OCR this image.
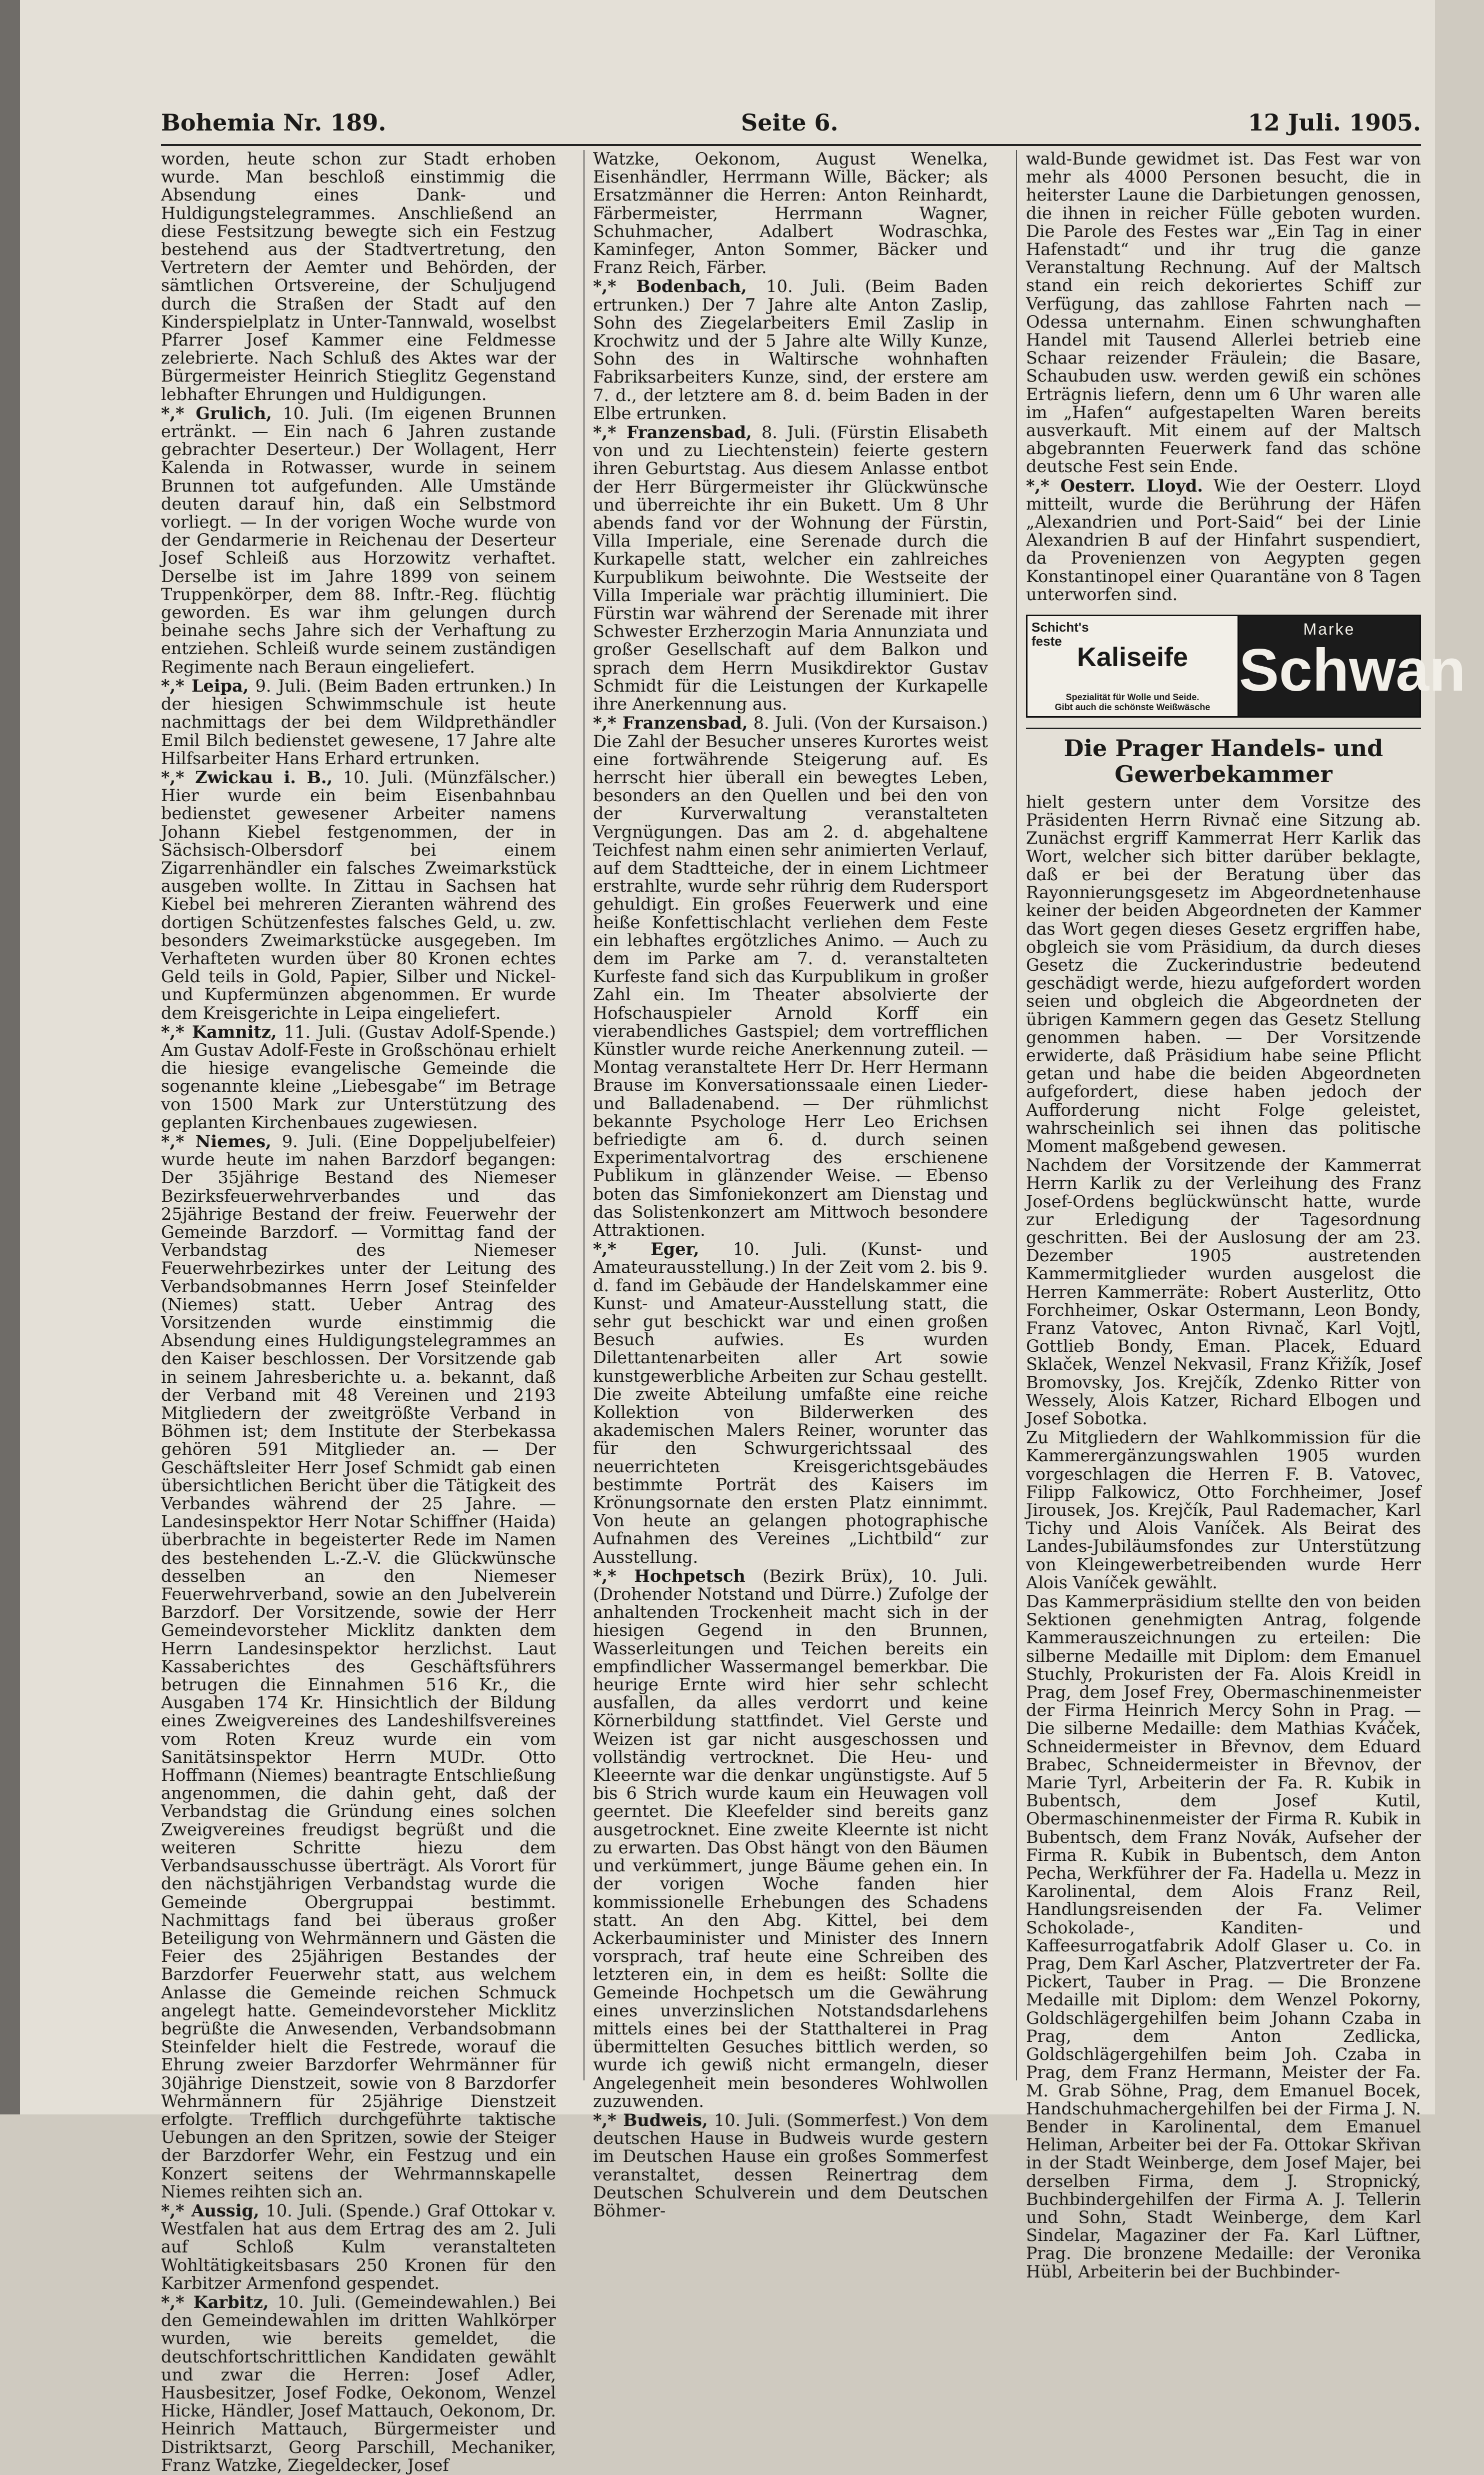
Bohemia Nr. 189.	Seite 6.	12 Juli. 1905.

worden, heute schon zur Stadt erhoben wurde. Man beschloß einstimmig die Absendung eines Dank- und Huldigungstelegrammes. Anschließend an diese Festsitzung bewegte sich ein Festzug bestehend aus der Stadtvertretung, den Vertretern der Aemter und Behörden, der sämtlichen Ortsvereine, der Schuljugend durch die Straßen der Stadt auf den Kinderspielplatz in Unter-Tannwald, woselbst Pfarrer Josef Kammer eine Feldmesse zelebrierte. Nach Schluß des Aktes war der Bürgermeister Heinrich Stieglitz Gegenstand lebhafter Ehrungen und Huldigungen.

*,* Grulich, 10. Juli. (Im eigenen Brunnen ertränkt. — Ein nach 6 Jahren zustande gebrachter Deserteur.) Der Wollagent, Herr Kalenda in Rotwasser, wurde in seinem Brunnen tot aufgefunden. Alle Umstände deuten darauf hin, daß ein Selbstmord vorliegt. — In der vorigen Woche wurde von der Gendarmerie in Reichenau der Deserteur Josef Schleiß aus Horzowitz verhaftet. Derselbe ist im Jahre 1899 von seinem Truppenkörper, dem 88. Inftr.-Reg. flüchtig geworden. Es war ihm gelungen durch beinahe sechs Jahre sich der Verhaftung zu entziehen. Schleiß wurde seinem zuständigen Regimente nach Beraun eingeliefert.

*,* Leipa, 9. Juli. (Beim Baden ertrunken.) In der hiesigen Schwimmschule ist heute nachmittags der bei dem Wildprethändler Emil Bilch bedienstet gewesene, 17 Jahre alte Hilfsarbeiter Hans Erhard ertrunken.

*,* Zwickau i. B., 10. Juli. (Münzfälscher.) Hier wurde ein beim Eisenbahnbau bedienstet gewesener Arbeiter namens Johann Kiebel festgenommen, der in Sächsisch-Olbersdorf bei einem Zigarrenhändler ein falsches Zweimarkstück ausgeben wollte. In Zittau in Sachsen hat Kiebel bei mehreren Zieranten während des dortigen Schützenfestes falsches Geld, u. zw. besonders Zweimarkstücke ausgegeben. Im Verhafteten wurden über 80 Kronen echtes Geld teils in Gold, Papier, Silber und Nickel- und Kupfermünzen abgenommen. Er wurde dem Kreisgerichte in Leipa eingeliefert.

*,* Kamnitz, 11. Juli. (Gustav Adolf-Spende.) Am Gustav Adolf-Feste in Großschönau erhielt die hiesige evangelische Gemeinde die sogenannte kleine „Liebesgabe“ im Betrage von 1500 Mark zur Unterstützung des geplanten Kirchenbaues zugewiesen.

*,* Niemes, 9. Juli. (Eine Doppeljubelfeier) wurde heute im nahen Barzdorf begangen: Der 35jährige Bestand des Niemeser Bezirksfeuerwehrverbandes und das 25jährige Bestand der freiw. Feuerwehr der Gemeinde Barzdorf. — Vormittag fand der Verbandstag des Niemeser Feuerwehrbezirkes unter der Leitung des Verbandsobmannes Herrn Josef Steinfelder (Niemes) statt. Ueber Antrag des Vorsitzenden wurde einstimmig die Absendung eines Huldigungstelegrammes an den Kaiser beschlossen. Der Vorsitzende gab in seinem Jahresberichte u. a. bekannt, daß der Verband mit 48 Vereinen und 2193 Mitgliedern der zweitgrößte Verband in Böhmen ist; dem Institute der Sterbekassa gehören 591 Mitglieder an. — Der Geschäftsleiter Herr Josef Schmidt gab einen übersichtlichen Bericht über die Tätigkeit des Verbandes während der 25 Jahre. — Landesinspektor Herr Notar Schiffner (Haida) überbrachte in begeisterter Rede im Namen des bestehenden L.-Z.-V. die Glückwünsche desselben an den Niemeser Feuerwehrverband, sowie an den Jubelverein Barzdorf. Der Vorsitzende, sowie der Herr Gemeindevorsteher Micklitz dankten dem Herrn Landesinspektor herzlichst. Laut Kassaberichtes des Geschäftsführers betrugen die Einnahmen 516 Kr., die Ausgaben 174 Kr. Hinsichtlich der Bildung eines Zweigvereines des Landeshilfsvereines vom Roten Kreuz wurde ein vom Sanitätsinspektor Herrn MUDr. Otto Hoffmann (Niemes) beantragte Entschließung angenommen, die dahin geht, daß der Verbandstag die Gründung eines solchen Zweigvereines freudigst begrüßt und die weiteren Schritte hiezu dem Verbandsausschusse überträgt. Als Vorort für den nächstjährigen Verbandstag wurde die Gemeinde Obergruppai bestimmt. Nachmittags fand bei überaus großer Beteiligung von Wehrmännern und Gästen die Feier des 25jährigen Bestandes der Barzdorfer Feuerwehr statt, aus welchem Anlasse die Gemeinde reichen Schmuck angelegt hatte. Gemeindevorsteher Micklitz begrüßte die Anwesenden, Verbandsobmann Steinfelder hielt die Festrede, worauf die Ehrung zweier Barzdorfer Wehrmänner für 30jährige Dienstzeit, sowie von 8 Barzdorfer Wehrmännern für 25jährige Dienstzeit erfolgte. Trefflich durchgeführte taktische Uebungen an den Spritzen, sowie der Steiger der Barzdorfer Wehr, ein Festzug und ein Konzert seitens der Wehrmannskapelle Niemes reihten sich an.

*,* Aussig, 10. Juli. (Spende.) Graf Ottokar v. Westfalen hat aus dem Ertrag des am 2. Juli auf Schloß Kulm veranstalteten Wohltätigkeitsbasars 250 Kronen für den Karbitzer Armenfond gespendet.

*,* Karbitz, 10. Juli. (Gemeindewahlen.) Bei den Gemeindewahlen im dritten Wahlkörper wurden, wie bereits gemeldet, die deutschfortschrittlichen Kandidaten gewählt und zwar die Herren: Josef Adler, Hausbesitzer, Josef Fodke, Oekonom, Wenzel Hicke, Händler, Josef Mattauch, Oekonom, Dr. Heinrich Mattauch, Bürgermeister und Distriktsarzt, Georg Parschill, Mechaniker, Franz Watzke, Ziegeldecker, Josef

Watzke, Oekonom, August Wenelka, Eisenhändler, Herrmann Wille, Bäcker; als Ersatzmänner die Herren: Anton Reinhardt, Färbermeister, Herrmann Wagner, Schuhmacher, Adalbert Wodraschka, Kaminfeger, Anton Sommer, Bäcker und Franz Reich, Färber.

*,* Bodenbach, 10. Juli. (Beim Baden ertrunken.) Der 7 Jahre alte Anton Zaslip, Sohn des Ziegelarbeiters Emil Zaslip in Krochwitz und der 5 Jahre alte Willy Kunze, Sohn des in Waltirsche wohnhaften Fabriksarbeiters Kunze, sind, der erstere am 7. d., der letztere am 8. d. beim Baden in der Elbe ertrunken.

*,* Franzensbad, 8. Juli. (Fürstin Elisabeth von und zu Liechtenstein) feierte gestern ihren Geburtstag. Aus diesem Anlasse entbot der Herr Bürgermeister ihr Glückwünsche und überreichte ihr ein Bukett. Um 8 Uhr abends fand vor der Wohnung der Fürstin, Villa Imperiale, eine Serenade durch die Kurkapelle statt, welcher ein zahlreiches Kurpublikum beiwohnte. Die Westseite der Villa Imperiale war prächtig illuminiert. Die Fürstin war während der Serenade mit ihrer Schwester Erzherzogin Maria Annunziata und großer Gesellschaft auf dem Balkon und sprach dem Herrn Musikdirektor Gustav Schmidt für die Leistungen der Kurkapelle ihre Anerkennung aus.

*,* Franzensbad, 8. Juli. (Von der Kursaison.) Die Zahl der Besucher unseres Kurortes weist eine fortwährende Steigerung auf. Es herrscht hier überall ein bewegtes Leben, besonders an den Quellen und bei den von der Kurverwaltung veranstalteten Vergnügungen. Das am 2. d. abgehaltene Teichfest nahm einen sehr animierten Verlauf, auf dem Stadtteiche, der in einem Lichtmeer erstrahlte, wurde sehr rührig dem Rudersport gehuldigt. Ein großes Feuerwerk und eine heiße Konfettischlacht verliehen dem Feste ein lebhaftes ergötzliches Animo. — Auch zu dem im Parke am 7. d. veranstalteten Kurfeste fand sich das Kurpublikum in großer Zahl ein. Im Theater absolvierte der Hofschauspieler Arnold Korff ein vierabendliches Gastspiel; dem vortrefflichen Künstler wurde reiche Anerkennung zuteil. — Montag veranstaltete Herr Dr. Herr Hermann Brause im Konversationssaale einen Lieder- und Balladenabend. — Der rühmlichst bekannte Psychologe Herr Leo Erichsen befriedigte am 6. d. durch seinen Experimentalvortrag des erschienene Publikum in glänzender Weise. — Ebenso boten das Simfoniekonzert am Dienstag und das Solistenkonzert am Mittwoch besondere Attraktionen.

*,* Eger, 10. Juli. (Kunst- und Amateurausstellung.) In der Zeit vom 2. bis 9. d. fand im Gebäude der Handelskammer eine Kunst- und Amateur-Ausstellung statt, die sehr gut beschickt war und einen großen Besuch aufwies. Es wurden Dilettantenarbeiten aller Art sowie kunstgewerbliche Arbeiten zur Schau gestellt. Die zweite Abteilung umfaßte eine reiche Kollektion von Bilderwerken des akademischen Malers Reiner, worunter das für den Schwurgerichtssaal des neuerrichteten Kreisgerichtsgebäudes bestimmte Porträt des Kaisers im Krönungsornate den ersten Platz einnimmt. Von heute an gelangen photographische Aufnahmen des Vereines „Lichtbild“ zur Ausstellung.

*,* Hochpetsch (Bezirk Brüx), 10. Juli. (Drohender Notstand und Dürre.) Zufolge der anhaltenden Trockenheit macht sich in der hiesigen Gegend in den Brunnen, Wasserleitungen und Teichen bereits ein empfindlicher Wassermangel bemerkbar. Die heurige Ernte wird hier sehr schlecht ausfallen, da alles verdorrt und keine Körnerbildung stattfindet. Viel Gerste und Weizen ist gar nicht ausgeschossen und vollständig vertrocknet. Die Heu- und Kleeernte war die denkar ungünstigste. Auf 5 bis 6 Strich wurde kaum ein Heuwagen voll geerntet. Die Kleefelder sind bereits ganz ausgetrocknet. Eine zweite Kleernte ist nicht zu erwarten. Das Obst hängt von den Bäumen und verkümmert, junge Bäume gehen ein. In der vorigen Woche fanden hier kommissionelle Erhebungen des Schadens statt. An den Abg. Kittel, bei dem Ackerbauminister und Minister des Innern vorsprach, traf heute eine Schreiben des letzteren ein, in dem es heißt: Sollte die Gemeinde Hochpetsch um die Gewährung eines unverzinslichen Notstandsdarlehens mittels eines bei der Statthalterei in Prag übermittelten Gesuches bittlich werden, so wurde ich gewiß nicht ermangeln, dieser Angelegenheit mein besonderes Wohlwollen zuzuwenden.

*,* Budweis, 10. Juli. (Sommerfest.) Von dem deutschen Hause in Budweis wurde gestern im Deutschen Hause ein großes Sommerfest veranstaltet, dessen Reinertrag dem Deutschen Schulverein und dem Deutschen Böhmer-

wald-Bunde gewidmet ist. Das Fest war von mehr als 4000 Personen besucht, die in heiterster Laune die Darbietungen genossen, die ihnen in reicher Fülle geboten wurden. Die Parole des Festes war „Ein Tag in einer Hafenstadt“ und ihr trug die ganze Veranstaltung Rechnung. Auf der Maltsch stand ein reich dekoriertes Schiff zur Verfügung, das zahllose Fahrten nach — Odessa unternahm. Einen schwunghaften Handel mit Tausend Allerlei betrieb eine Schaar reizender Fräulein; die Basare, Schaubuden usw. werden gewiß ein schönes Erträgnis liefern, denn um 6 Uhr waren alle im „Hafen“ aufgestapelten Waren bereits ausverkauft. Mit einem auf der Maltsch abgebrannten Feuerwerk fand das schöne deutsche Fest sein Ende.

*,* Oesterr. Lloyd. Wie der Oesterr. Lloyd mitteilt, wurde die Berührung der Häfen „Alexandrien und Port-Said“ bei der Linie Alexandrien B auf der Hinfahrt suspendiert, da Provenienzen von Aegypten gegen Konstantinopel einer Quarantäne von 8 Tagen unterworfen sind.

Schicht's
feste
Kaliseife
Spezialität für Wolle und Seide.
Gibt auch die schönste Weißwäsche
Marke
Schwan
Die Prager Handels- und Gewerbekammer

hielt gestern unter dem Vorsitze des Präsidenten Herrn Rivnač eine Sitzung ab. Zunächst ergriff Kammerrat Herr Karlik das Wort, welcher sich bitter darüber beklagte, daß er bei der Beratung über das Rayonnierungsgesetz im Abgeordnetenhause keiner der beiden Abgeordneten der Kammer das Wort gegen dieses Gesetz ergriffen habe, obgleich sie vom Präsidium, da durch dieses Gesetz die Zuckerindustrie bedeutend geschädigt werde, hiezu aufgefordert worden seien und obgleich die Abgeordneten der übrigen Kammern gegen das Gesetz Stellung genommen haben. — Der Vorsitzende erwiderte, daß Präsidium habe seine Pflicht getan und habe die beiden Abgeordneten aufgefordert, diese haben jedoch der Aufforderung nicht Folge geleistet, wahrscheinlich sei ihnen das politische Moment maßgebend gewesen.

Nachdem der Vorsitzende der Kammerrat Herrn Karlik zu der Verleihung des Franz Josef-Ordens beglückwünscht hatte, wurde zur Erledigung der Tagesordnung geschritten. Bei der Auslosung der am 23. Dezember 1905 austretenden Kammermitglieder wurden ausgelost die Herren Kammerräte: Robert Austerlitz, Otto Forchheimer, Oskar Ostermann, Leon Bondy, Franz Vatovec, Anton Rivnač, Karl Vojtl, Gottlieb Bondy, Eman. Placek, Eduard Sklaček, Wenzel Nekvasil, Franz Křižík, Josef Bromovsky, Jos. Krejčík, Zdenko Ritter von Wessely, Alois Katzer, Richard Elbogen und Josef Sobotka.

Zu Mitgliedern der Wahlkommission für die Kammerergänzungswahlen 1905 wurden vorgeschlagen die Herren F. B. Vatovec, Filipp Falkowicz, Otto Forchheimer, Josef Jirousek, Jos. Krejčík, Paul Rademacher, Karl Tichy und Alois Vaníček. Als Beirat des Landes-Jubiläumsfondes zur Unterstützung von Kleingewerbetreibenden wurde Herr Alois Vaníček gewählt.

Das Kammerpräsidium stellte den von beiden Sektionen genehmigten Antrag, folgende Kammerauszeichnungen zu erteilen: Die silberne Medaille mit Diplom: dem Emanuel Stuchly, Prokuristen der Fa. Alois Kreidl in Prag, dem Josef Frey, Obermaschinenmeister der Firma Heinrich Mercy Sohn in Prag. — Die silberne Medaille: dem Mathias Kváček, Schneidermeister in Břevnov, dem Eduard Brabec, Schneidermeister in Břevnov, der Marie Tyrl, Arbeiterin der Fa. R. Kubik in Bubentsch, dem Josef Kutil, Obermaschinenmeister der Firma R. Kubik in Bubentsch, dem Franz Novák, Aufseher der Firma R. Kubik in Bubentsch, dem Anton Pecha, Werkführer der Fa. Hadella u. Mezz in Karolinental, dem Alois Franz Reil, Handlungsreisenden der Fa. Velimer Schokolade-, Kanditen- und Kaffeesurrogatfabrik Adolf Glaser u. Co. in Prag, Dem Karl Ascher, Platzvertreter der Fa. Pickert, Tauber in Prag. — Die Bronzene Medaille mit Diplom: dem Wenzel Pokorny, Goldschlägergehilfen beim Johann Czaba in Prag, dem Anton Zedlicka, Goldschlägergehilfen beim Joh. Czaba in Prag, dem Franz Hermann, Meister der Fa. M. Grab Söhne, Prag, dem Emanuel Bocek, Handschuhmachergehilfen bei der Firma J. N. Bender in Karolinental, dem Emanuel Heliman, Arbeiter bei der Fa. Ottokar Skřivan in der Stadt Weinberge, dem Josef Majer, bei derselben Firma, dem J. Stropnický, Buchbindergehilfen der Firma A. J. Tellerin und Sohn, Stadt Weinberge, dem Karl Sindelar, Magaziner der Fa. Karl Lüftner, Prag. Die bronzene Medaille: der Veronika Hübl, Arbeiterin bei der Buchbinder-
